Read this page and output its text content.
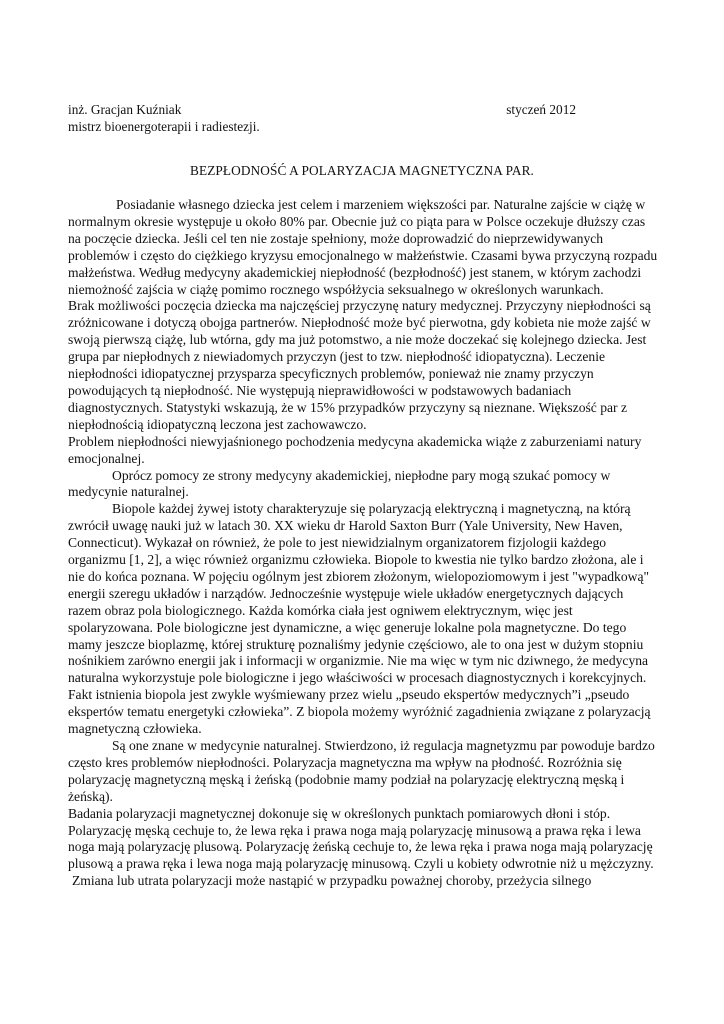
inż. Gracjan Kuźniak	styczeń 2012
mistrz bioenergoterapii i radiestezji.
BEZPŁODNOŚĆ A POLARYZACJA MAGNETYCZNA PAR.

Posiadanie własnego dziecka jest celem i marzeniem większości par. Naturalne zajście w ciążę w normalnym okresie występuje u około 80% par. Obecnie już co piąta para w Polsce oczekuje dłuższy czas na poczęcie dziecka. Jeśli cel ten nie zostaje spełniony, może doprowadzić do nieprzewidywanych problemów i często do ciężkiego kryzysu emocjonalnego w małżeństwie. Czasami bywa przyczyną rozpadu małżeństwa. Według medycyny akademickiej niepłodność (bezpłodność) jest stanem, w którym zachodzi niemożność zajścia w ciążę pomimo rocznego współżycia seksualnego w określonych warunkach.

Brak możliwości poczęcia dziecka ma najczęściej przyczynę natury medycznej. Przyczyny niepłodności są zróżnicowane i dotyczą obojga partnerów. Niepłodność może być pierwotna, gdy kobieta nie może zajść w swoją pierwszą ciążę, lub wtórna, gdy ma już potomstwo, a nie może doczekać się kolejnego dziecka. Jest grupa par niepłodnych z niewiadomych przyczyn (jest to tzw. niepłodność idiopatyczna). Leczenie niepłodności idiopatycznej przysparza specyficznych problemów, ponieważ nie znamy przyczyn powodujących tą niepłodność. Nie występują nieprawidłowości w podstawowych badaniach diagnostycznych. Statystyki wskazują, że w 15% przypadków przyczyny są nieznane. Większość par z niepłodnością idiopatyczną leczona jest zachowawczo.

Problem niepłodności niewyjaśnionego pochodzenia medycyna akademicka wiąże z zaburzeniami natury emocjonalnej.

Oprócz pomocy ze strony medycyny akademickiej, niepłodne pary mogą szukać pomocy w medycynie naturalnej.

Biopole każdej żywej istoty charakteryzuje się polaryzacją elektryczną i magnetyczną, na którą zwrócił uwagę nauki już w latach 30. XX wieku dr Harold Saxton Burr (Yale University, New Haven, Connecticut). Wykazał on również, że pole to jest niewidzialnym organizatorem fizjologii każdego organizmu [1, 2], a więc również organizmu człowieka. Biopole to kwestia nie tylko bardzo złożona, ale i nie do końca poznana. W pojęciu ogólnym jest zbiorem złożonym, wielopoziomowym i jest "wypadkową" energii szeregu układów i narządów. Jednocześnie występuje wiele układów energetycznych dających razem obraz pola biologicznego. Każda komórka ciała jest ogniwem elektrycznym, więc jest spolaryzowana. Pole biologiczne jest dynamiczne, a więc generuje lokalne pola magnetyczne. Do tego mamy jeszcze bioplazmę, której strukturę poznaliśmy jedynie częściowo, ale to ona jest w dużym stopniu nośnikiem zarówno energii jak i informacji w organizmie. Nie ma więc w tym nic dziwnego, że medycyna naturalna wykorzystuje pole biologiczne i jego właściwości w procesach diagnostycznych i korekcyjnych. Fakt istnienia biopola jest zwykle wyśmiewany przez wielu „pseudo ekspertów medycznych”i „pseudo ekspertów tematu energetyki człowieka”. Z biopola możemy wyróżnić zagadnienia związane z polaryzacją magnetyczną człowieka.

Są one znane w medycynie naturalnej. Stwierdzono, iż regulacja magnetyzmu par powoduje bardzo często kres problemów niepłodności. Polaryzacja magnetyczna ma wpływ na płodność. Rozróżnia się polaryzację magnetyczną męską i żeńską (podobnie mamy podział na polaryzację elektryczną męską i żeńską).

Badania polaryzacji magnetycznej dokonuje się w określonych punktach pomiarowych dłoni i stóp. Polaryzację męską cechuje to, że lewa ręka i prawa noga mają polaryzację minusową a prawa ręka i lewa noga mają polaryzację plusową. Polaryzację żeńską cechuje to, że lewa ręka i prawa noga mają polaryzację plusową a prawa ręka i lewa noga mają polaryzację minusową. Czyli u kobiety odwrotnie niż u mężczyzny.

Zmiana lub utrata polaryzacji może nastąpić w przypadku poważnej choroby, przeżycia silnego
